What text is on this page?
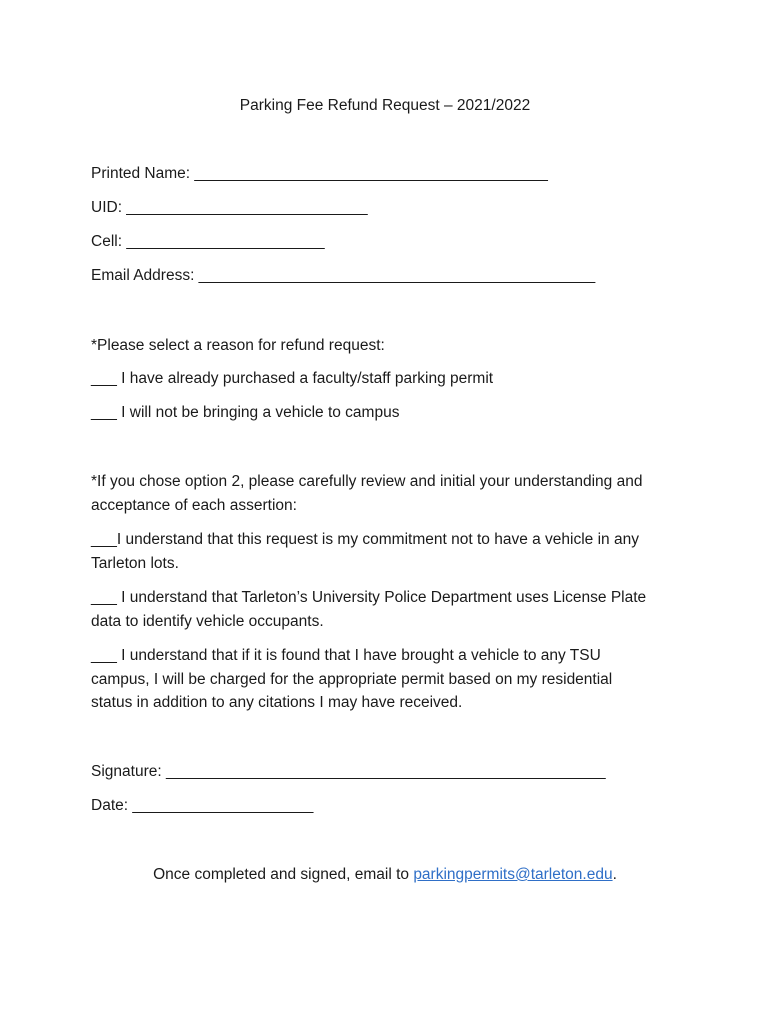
Parking Fee Refund Request – 2021/2022
Printed Name: _________________________________________
UID: ____________________________
Cell: _______________________
Email Address: ______________________________________________
*Please select a reason for refund request:
___ I have already purchased a faculty/staff parking permit
___ I will not be bringing a vehicle to campus
*If you chose option 2, please carefully review and initial your understanding and acceptance of each assertion:
___I understand that this request is my commitment not to have a vehicle in any Tarleton lots.
___ I understand that Tarleton’s University Police Department uses License Plate data to identify vehicle occupants.
___ I understand that if it is found that I have brought a vehicle to any TSU campus, I will be charged for the appropriate permit based on my residential status in addition to any citations I may have received.
Signature: ___________________________________________________
Date: _____________________
Once completed and signed, email to parkingpermits@tarleton.edu.
